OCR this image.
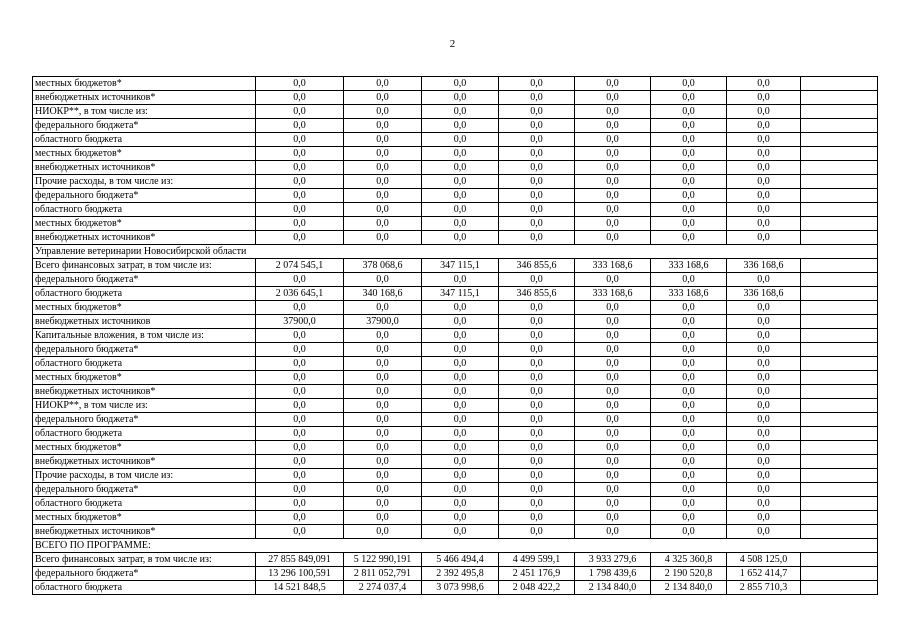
2
местных бюджетов*	0,0	0,0	0,0	0,0	0,0	0,0	0,0	
внебюджетных источников*	0,0	0,0	0,0	0,0	0,0	0,0	0,0	
НИОКР**, в том числе из:	0,0	0,0	0,0	0,0	0,0	0,0	0,0	
федерального бюджета*	0,0	0,0	0,0	0,0	0,0	0,0	0,0	
областного бюджета	0,0	0,0	0,0	0,0	0,0	0,0	0,0	
местных бюджетов*	0,0	0,0	0,0	0,0	0,0	0,0	0,0	
внебюджетных источников*	0,0	0,0	0,0	0,0	0,0	0,0	0,0	
Прочие расходы, в том числе из:	0,0	0,0	0,0	0,0	0,0	0,0	0,0	
федерального бюджета*	0,0	0,0	0,0	0,0	0,0	0,0	0,0	
областного бюджета	0,0	0,0	0,0	0,0	0,0	0,0	0,0	
местных бюджетов*	0,0	0,0	0,0	0,0	0,0	0,0	0,0	
внебюджетных источников*	0,0	0,0	0,0	0,0	0,0	0,0	0,0	
Управление ветеринарии Новосибирской области								
Всего финансовых затрат, в том числе из:	2 074 545,1	378 068,6	347 115,1	346 855,6	333 168,6	333 168,6	336 168,6	
федерального бюджета*	0,0	0,0	0,0	0,0	0,0	0,0	0,0	
областного бюджета	2 036 645,1	340 168,6	347 115,1	346 855,6	333 168,6	333 168,6	336 168,6	
местных бюджетов*	0,0	0,0	0,0	0,0	0,0	0,0	0,0	
внебюджетных источников	37900,0	37900,0	0,0	0,0	0,0	0,0	0,0	
Капитальные вложения, в том числе из:	0,0	0,0	0,0	0,0	0,0	0,0	0,0	
федерального бюджета*	0,0	0,0	0,0	0,0	0,0	0,0	0,0	
областного бюджета	0,0	0,0	0,0	0,0	0,0	0,0	0,0	
местных бюджетов*	0,0	0,0	0,0	0,0	0,0	0,0	0,0	
внебюджетных источников*	0,0	0,0	0,0	0,0	0,0	0,0	0,0	
НИОКР**, в том числе из:	0,0	0,0	0,0	0,0	0,0	0,0	0,0	
федерального бюджета*	0,0	0,0	0,0	0,0	0,0	0,0	0,0	
областного бюджета	0,0	0,0	0,0	0,0	0,0	0,0	0,0	
местных бюджетов*	0,0	0,0	0,0	0,0	0,0	0,0	0,0	
внебюджетных источников*	0,0	0,0	0,0	0,0	0,0	0,0	0,0	
Прочие расходы, в том числе из:	0,0	0,0	0,0	0,0	0,0	0,0	0,0	
федерального бюджета*	0,0	0,0	0,0	0,0	0,0	0,0	0,0	
областного бюджета	0,0	0,0	0,0	0,0	0,0	0,0	0,0	
местных бюджетов*	0,0	0,0	0,0	0,0	0,0	0,0	0,0	
внебюджетных источников*	0,0	0,0	0,0	0,0	0,0	0,0	0,0	
ВСЕГО ПО ПРОГРАММЕ:								
Всего финансовых затрат, в том числе из:	27 855 849,091	5 122 990,191	5 466 494,4	4 499 599,1	3 933 279,6	4 325 360,8	4 508 125,0	
федерального бюджета*	13 296 100,591	2 811 052,791	2 392 495,8	2 451 176,9	1 798 439,6	2 190 520,8	1 652 414,7	
областного бюджета	14 521 848,5	2 274 037,4	3 073 998,6	2 048 422,2	2 134 840,0	2 134 840,0	2 855 710,3	
